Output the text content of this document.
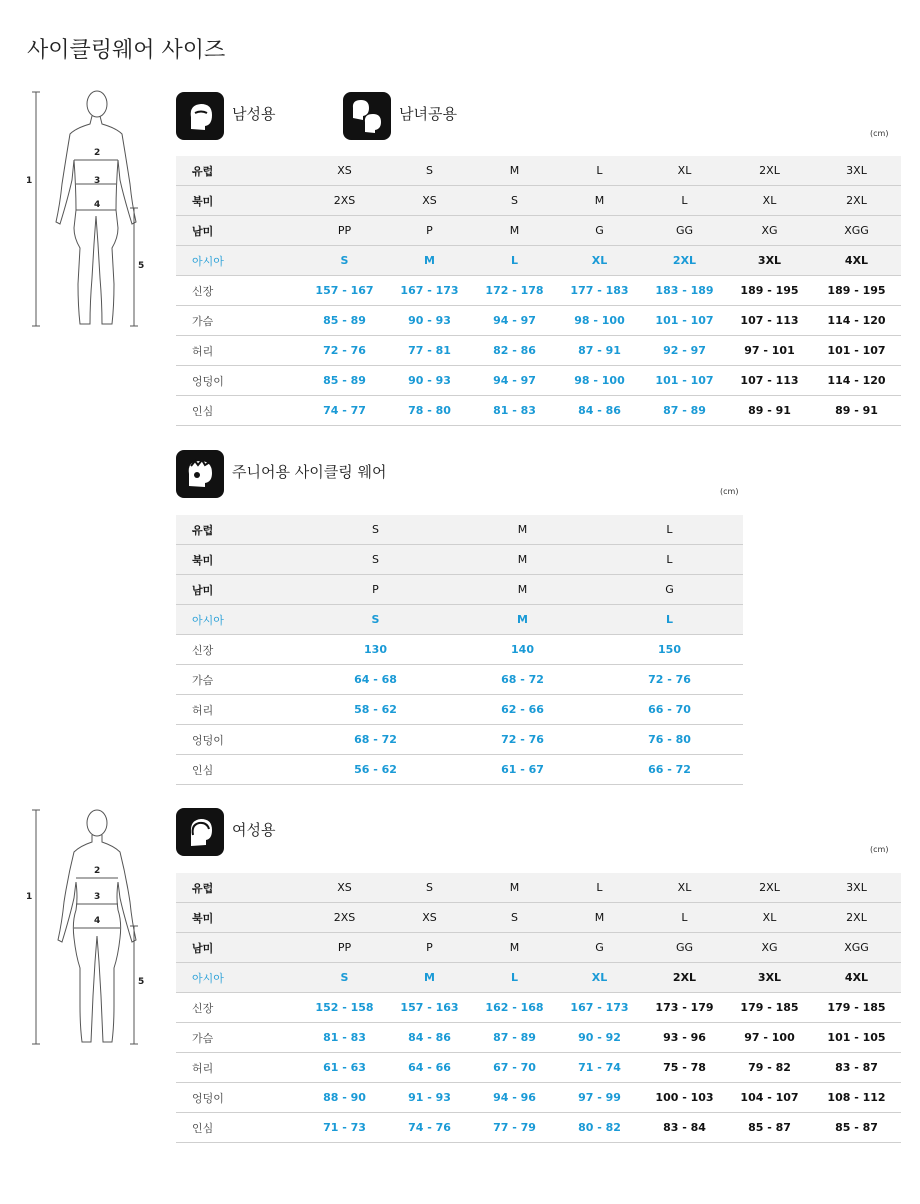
사이클링웨어 사이즈
1
2
3
4
5
남성용	남녀공용
(cm)
유럽	XS	S	M	L	XL	2XL	3XL
북미	2XS	XS	S	M	L	XL	2XL
남미	PP	P	M	G	GG	XG	XGG
아시아	S	M	L	XL	2XL	3XL	4XL
신장	157 - 167	167 - 173	172 - 178	177 - 183	183 - 189	189 - 195	189 - 195
가슴	85 - 89	90 - 93	94 - 97	98 - 100	101 - 107	107 - 113	114 - 120
허리	72 - 76	77 - 81	82 - 86	87 - 91	92 - 97	97 - 101	101 - 107
엉덩이	85 - 89	90 - 93	94 - 97	98 - 100	101 - 107	107 - 113	114 - 120
인심	74 - 77	78 - 80	81 - 83	84 - 86	87 - 89	89 - 91	89 - 91
주니어용 사이클링 웨어
(cm)
유럽	S	M	L
북미	S	M	L
남미	P	M	G
아시아	S	M	L
신장	130	140	150
가슴	64 - 68	68 - 72	72 - 76
허리	58 - 62	62 - 66	66 - 70
엉덩이	68 - 72	72 - 76	76 - 80
인심	56 - 62	61 - 67	66 - 72
1
2
3
4
5
여성용
(cm)
유럽	XS	S	M	L	XL	2XL	3XL
북미	2XS	XS	S	M	L	XL	2XL
남미	PP	P	M	G	GG	XG	XGG
아시아	S	M	L	XL	2XL	3XL	4XL
신장	152 - 158	157 - 163	162 - 168	167 - 173	173 - 179	179 - 185	179 - 185
가슴	81 - 83	84 - 86	87 - 89	90 - 92	93 - 96	97 - 100	101 - 105
허리	61 - 63	64 - 66	67 - 70	71 - 74	75 - 78	79 - 82	83 - 87
엉덩이	88 - 90	91 - 93	94 - 96	97 - 99	100 - 103	104 - 107	108 - 112
인심	71 - 73	74 - 76	77 - 79	80 - 82	83 - 84	85 - 87	85 - 87
